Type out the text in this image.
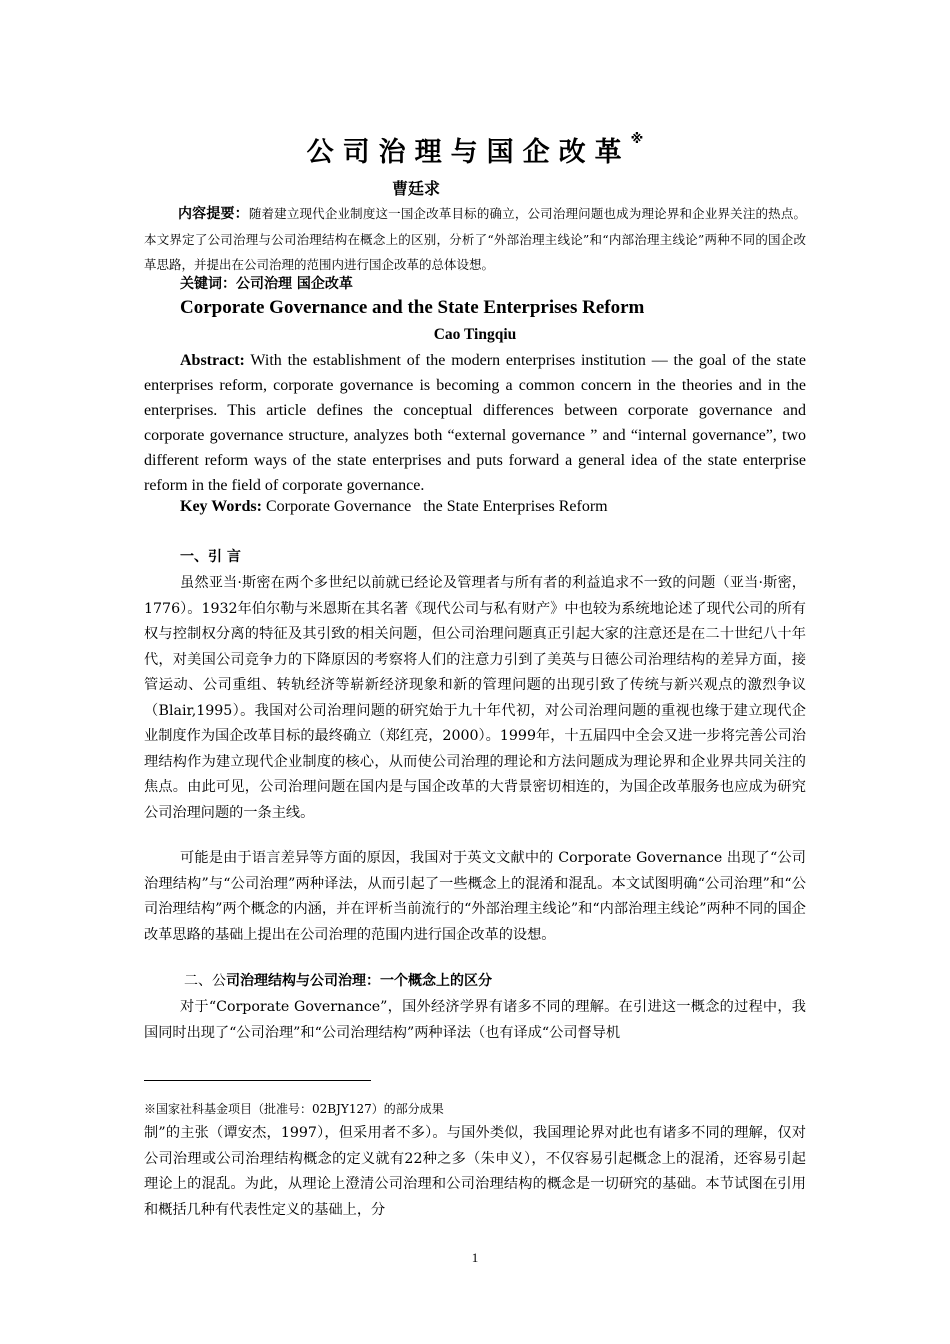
公司治理与国企改革※
曹廷求
内容提要：随着建立现代企业制度这一国企改革目标的确立，公司治理问题也成为理论界和企业界关注的热点。本文界定了公司治理与公司治理结构在概念上的区别，分析了“外部治理主线论”和“内部治理主线论”两种不同的国企改革思路，并提出在公司治理的范围内进行国企改革的总体设想。
关键词：公司治理 国企改革
Corporate Governance and the State Enterprises Reform
Cao Tingqiu
Abstract: With the establishment of the modern enterprises institution — the goal of the state enterprises reform, corporate governance is becoming a common concern in the theories and in the enterprises. This article defines the conceptual differences between corporate governance and corporate governance structure, analyzes both “external governance ” and “internal governance”, two different reform ways of the state enterprises and puts forward a general idea of the state enterprise reform in the field of corporate governance.
Key Words: Corporate Governance   the State Enterprises Reform
一、引 言
虽然亚当·斯密在两个多世纪以前就已经论及管理者与所有者的利益追求不一致的问题（亚当·斯密，1776）。1932年伯尔勒与米恩斯在其名著《现代公司与私有财产》中也较为系统地论述了现代公司的所有权与控制权分离的特征及其引致的相关问题，但公司治理问题真正引起大家的注意还是在二十世纪八十年代，对美国公司竞争力的下降原因的考察将人们的注意力引到了美英与日德公司治理结构的差异方面，接管运动、公司重组、转轨经济等崭新经济现象和新的管理问题的出现引致了传统与新兴观点的激烈争议（Blair,1995）。我国对公司治理问题的研究始于九十年代初，对公司治理问题的重视也缘于建立现代企业制度作为国企改革目标的最终确立（郑红亮，2000）。1999年，十五届四中全会又进一步将完善公司治理结构作为建立现代企业制度的核心，从而使公司治理的理论和方法问题成为理论界和企业界共同关注的焦点。由此可见，公司治理问题在国内是与国企改革的大背景密切相连的，为国企改革服务也应成为研究公司治理问题的一条主线。
可能是由于语言差异等方面的原因，我国对于英文文献中的 Corporate Governance 出现了“公司治理结构”与“公司治理”两种译法，从而引起了一些概念上的混淆和混乱。本文试图明确“公司治理”和“公司治理结构”两个概念的内涵，并在评析当前流行的“外部治理主线论”和“内部治理主线论”两种不同的国企改革思路的基础上提出在公司治理的范围内进行国企改革的设想。
二、公司治理结构与公司治理：一个概念上的区分
对于“Corporate Governance”，国外经济学界有诸多不同的理解。在引进这一概念的过程中，我国同时出现了“公司治理”和“公司治理结构”两种译法（也有译成“公司督导机
※国家社科基金项目（批准号：02BJY127）的部分成果
制”的主张（谭安杰，1997），但采用者不多）。与国外类似，我国理论界对此也有诸多不同的理解，仅对公司治理或公司治理结构概念的定义就有22种之多（朱申义），不仅容易引起概念上的混淆，还容易引起理论上的混乱。为此，从理论上澄清公司治理和公司治理结构的概念是一切研究的基础。本节试图在引用和概括几种有代表性定义的基础上，分
1
